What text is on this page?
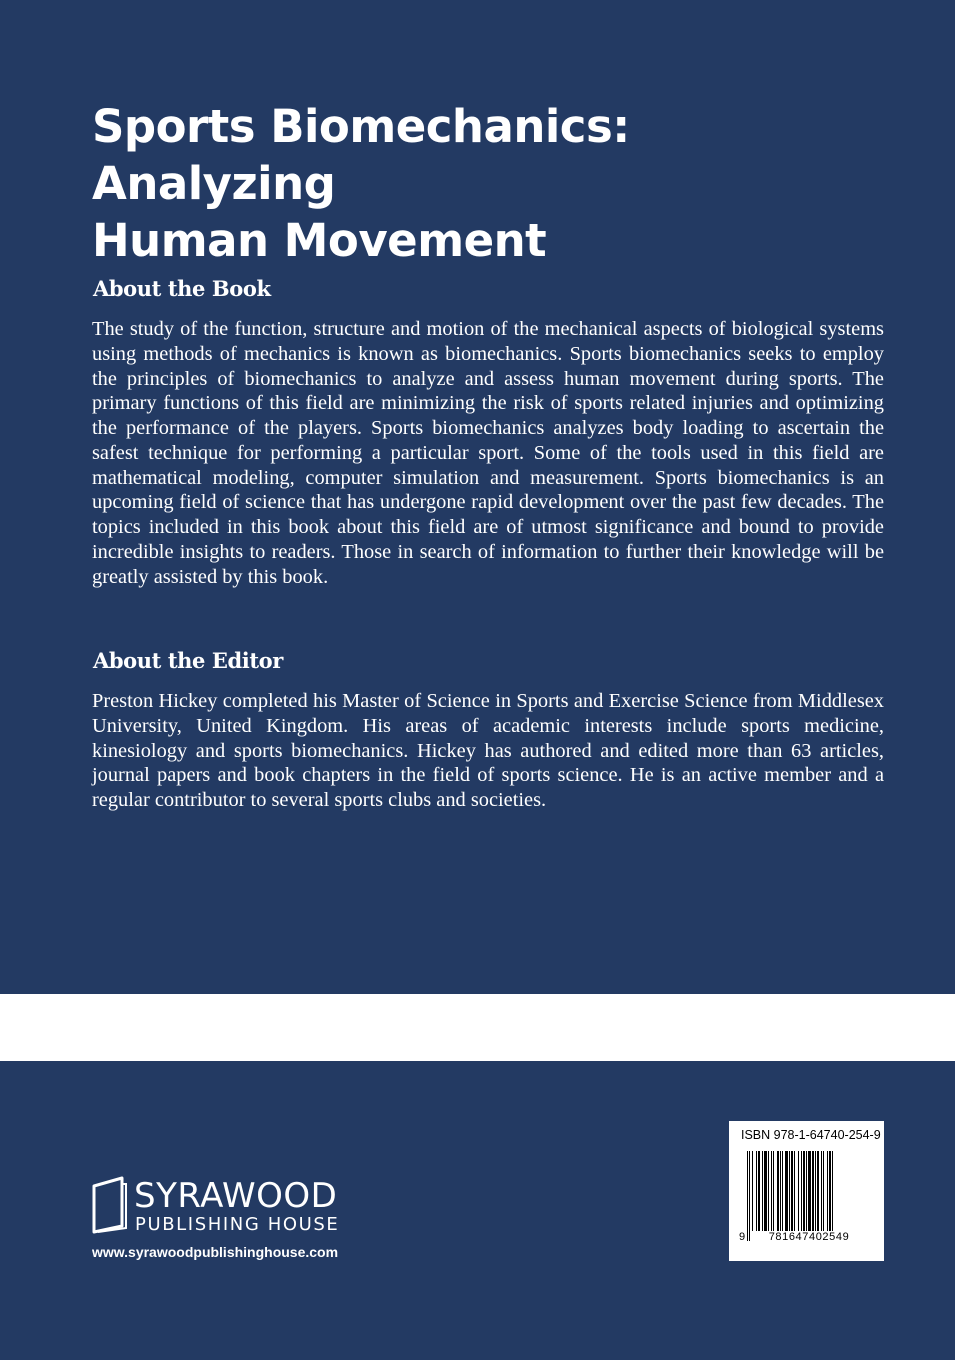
Sports Biomechanics: Analyzing
Human Movement
About the Book

The study of the function, structure and motion of the mechanical aspects of biological systems using methods of mechanics is known as biomechanics. Sports biomechanics seeks to employ the principles of biomechanics to analyze and assess human movement during sports. The primary functions of this field are minimizing the risk of sports related injuries and optimizing the performance of the players. Sports biomechanics analyzes body loading to ascertain the safest technique for performing a particular sport. Some of the tools used in this field are mathematical modeling, computer simulation and measurement. Sports biomechanics is an upcoming field of science that has undergone rapid development over the past few decades. The topics included in this book about this field are of utmost significance and bound to provide incredible insights to readers. Those in search of information to further their knowledge will be greatly assisted by this book.

About the Editor

Preston Hickey completed his Master of Science in Sports and Exercise Science from Middlesex University, United Kingdom. His areas of academic interests include sports medicine, kinesiology and sports biomechanics. Hickey has authored and edited more than 63 articles, journal papers and book chapters in the field of sports science. He is an active member and a regular contributor to several sports clubs and societies.

SYRAWOOD
PUBLISHING HOUSE
www.syrawoodpublishinghouse.com
ISBN 978-1-64740-254-9
9	781647402549
